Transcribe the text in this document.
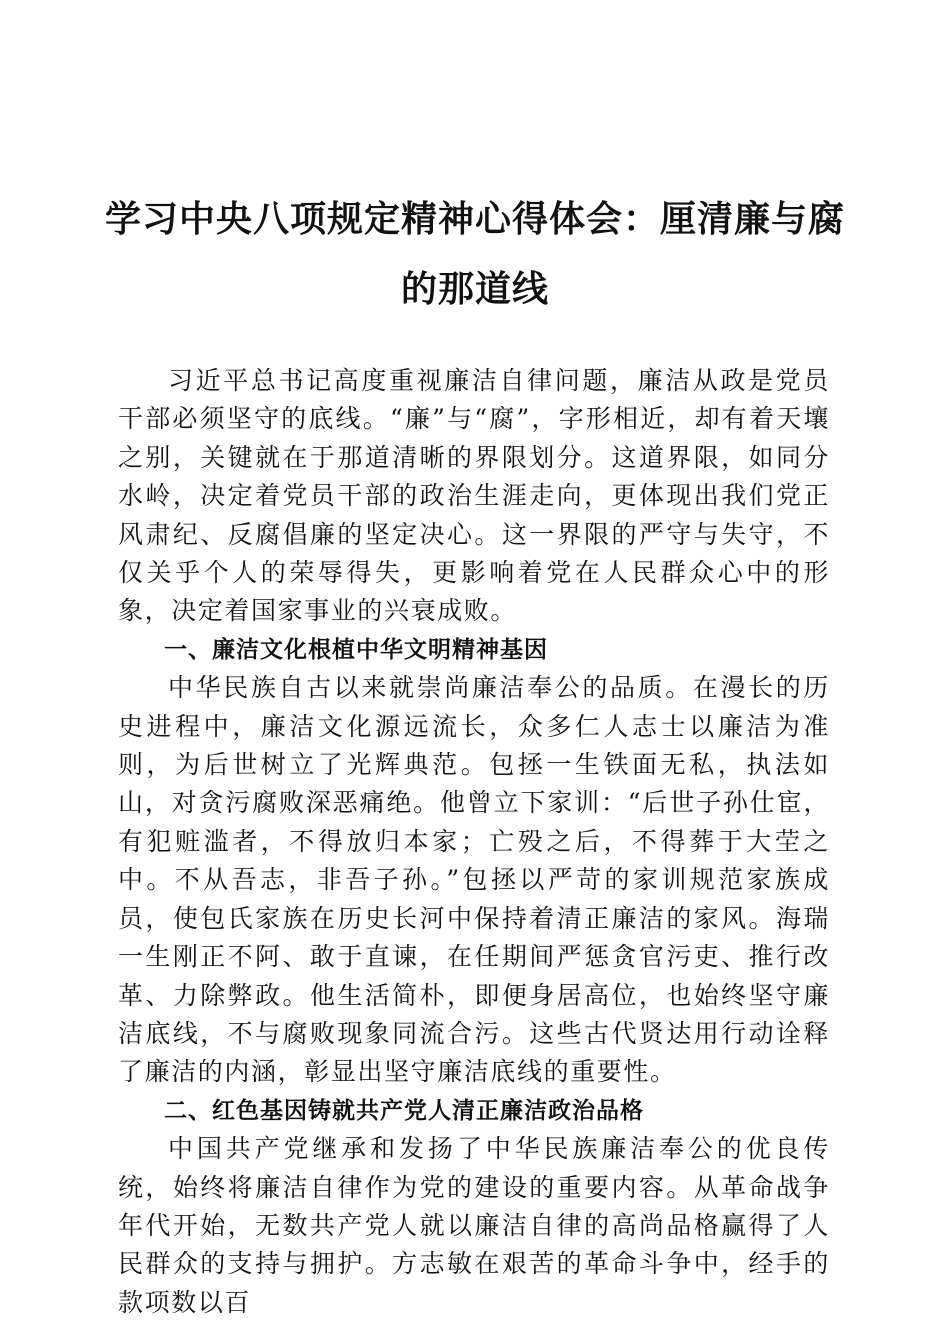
学习中央八项规定精神心得体会：厘清廉与腐
的那道线

习近平总书记高度重视廉洁自律问题，廉洁从政是党员干部必须坚守的底线。“廉”与“腐”，字形相近，却有着天壤之别，关键就在于那道清晰的界限划分。这道界限，如同分水岭，决定着党员干部的政治生涯走向，更体现出我们党正风肃纪、反腐倡廉的坚定决心。这一界限的严守与失守，不仅关乎个人的荣辱得失，更影响着党在人民群众心中的形象，决定着国家事业的兴衰成败。

一、廉洁文化根植中华文明精神基因

中华民族自古以来就崇尚廉洁奉公的品质。在漫长的历史进程中，廉洁文化源远流长，众多仁人志士以廉洁为准则，为后世树立了光辉典范。包拯一生铁面无私，执法如山，对贪污腐败深恶痛绝。他曾立下家训：“后世子孙仕宦，有犯赃滥者，不得放归本家；亡殁之后，不得葬于大茔之中。不从吾志，非吾子孙。”包拯以严苛的家训规范家族成员，使包氏家族在历史长河中保持着清正廉洁的家风。海瑞一生刚正不阿、敢于直谏，在任期间严惩贪官污吏、推行改革、力除弊政。他生活简朴，即便身居高位，也始终坚守廉洁底线，不与腐败现象同流合污。这些古代贤达用行动诠释了廉洁的内涵，彰显出坚守廉洁底线的重要性。

二、红色基因铸就共产党人清正廉洁政治品格

中国共产党继承和发扬了中华民族廉洁奉公的优良传统，始终将廉洁自律作为党的建设的重要内容。从革命战争年代开始，无数共产党人就以廉洁自律的高尚品格赢得了人民群众的支持与拥护。方志敏在艰苦的革命斗争中，经手的款项数以百
